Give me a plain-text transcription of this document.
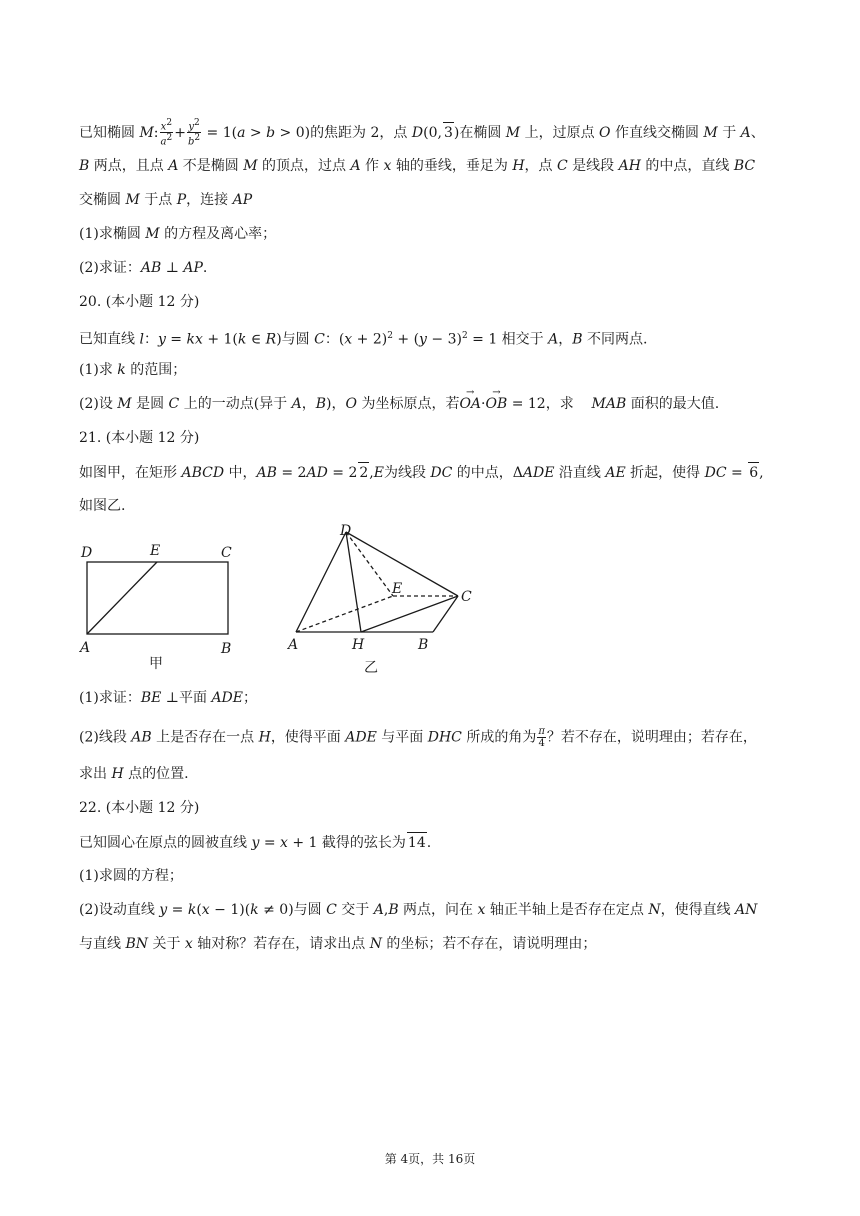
已知椭圆 M: $\frac{x^2}{a^2} + \frac{y^2}{b^2} = 1(a > b > 0)$的焦距为 2，点 D(0, 3)在椭圆 M 上，过原点 O 作直线交椭圆 M 于 A、
B 两点，且点 A 不是椭圆 M 的顶点，过点 A 作 x 轴的垂线，垂足为 H，点 C 是线段 AH 的中点，直线 BC
交椭圆 M 于点 P，连接 AP
(1)求椭圆 M 的方程及离心率；
(2)求证：AB ⊥ AP.
20. (本小题 12 分)
已知直线 l：y = kx + 1(k ∈ R)与圆 C：$(x + 2)^2 + (y - 3)^2 = 1$ 相交于 A，B 不同两点.
(1)求 k 的范围；
(2)设 M 是圆 C 上的一动点(异于 A，B)，O 为坐标原点，若→ OA·→ OB = 12，求    MAB 面积的最大值.
21. (本小题 12 分)
如图甲，在矩形 ABCD 中，AB = 2AD = 2 2,E为线段 DC 的中点，ΔADE 沿直线 AE 折起，使得 DC = 6,
如图乙.
D	E	C
A	B
D
E	C
A	H	B
甲	乙
(1)求证：BE ⊥平面 ADE；
(2)线段 AB 上是否存在一点 H，使得平面 ADE 与平面 DHC 所成的角为 $\frac{\pi}{4}$ ？若不存在，说明理由；若存在，
求出 H 点的位置.
22. (本小题 12 分)
已知圆心在原点的圆被直线 y = x + 1 截得的弦长为 14.
(1)求圆的方程；
(2)设动直线 y = k(x − 1)(k ≠ 0)与圆 C 交于 A,B 两点，问在 x 轴正半轴上是否存在定点 N，使得直线 AN
与直线 BN 关于 x 轴对称？若存在，请求出点 N 的坐标；若不存在，请说明理由；
第 4页，共 16页
